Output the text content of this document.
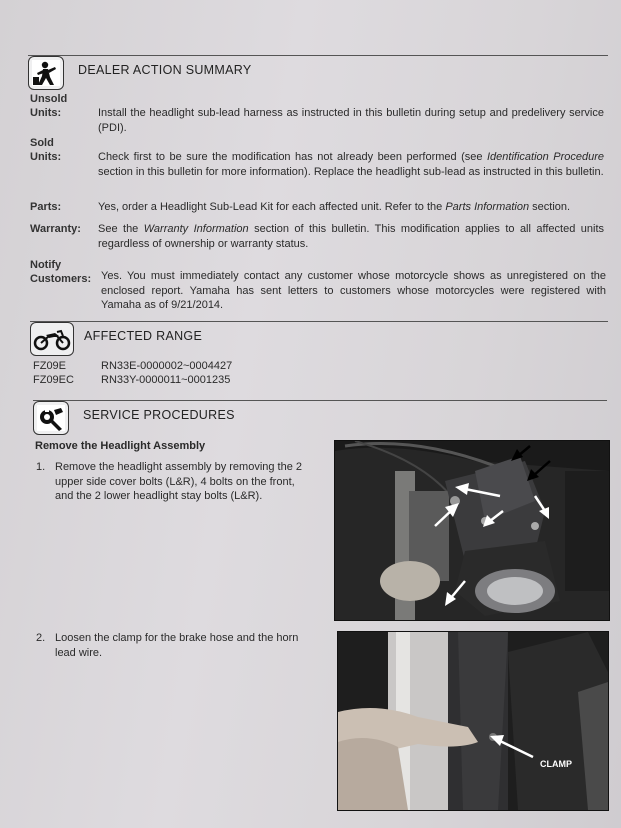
DEALER ACTION SUMMARY
Unsold
Units:	Install the headlight sub-lead harness as instructed in this bulletin during setup and predelivery service (PDI).
Sold
Units:	Check first to be sure the modification has not already been performed (see Identification Procedure section in this bulletin for more information). Replace the headlight sub-lead as instructed in this bulletin.
Parts:	Yes, order a Headlight Sub-Lead Kit for each affected unit. Refer to the Parts Information section.
Warranty: See the Warranty Information section of this bulletin. This modification applies to all affected units regardless of ownership or warranty status.
Notify
Customers: Yes. You must immediately contact any customer whose motorcycle shows as unregistered on the enclosed report. Yamaha has sent letters to customers whose motorcycles were registered with Yamaha as of 9/21/2014.
AFFECTED RANGE
FZ09E	RN33E-0000002~0004427
FZ09EC RN33Y-0000011~0001235
SERVICE PROCEDURES
Remove the Headlight Assembly
1. Remove the headlight assembly by removing the 2 upper side cover bolts (L&R), 4 bolts on the front, and the 2 lower headlight stay bolts (L&R).
2. Loosen the clamp for the brake hose and the horn lead wire.
CLAMP
